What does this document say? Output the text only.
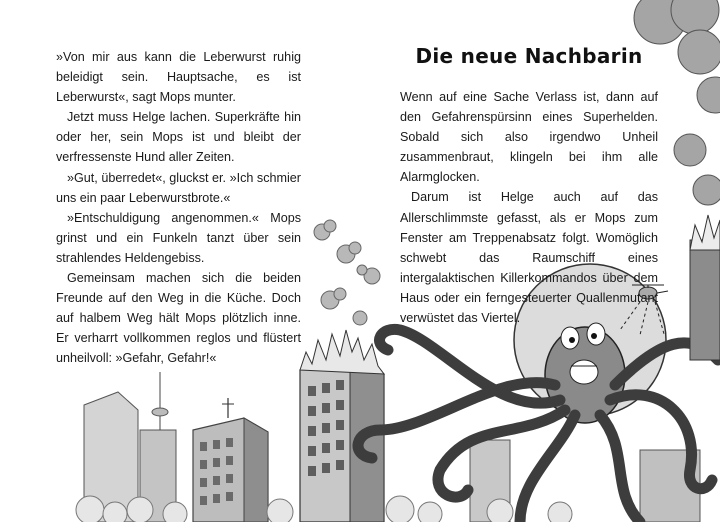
»Von mir aus kann die Leberwurst ruhig beleidigt sein. Hauptsache, es ist Leberwurst«, sagt Mops munter.

Jetzt muss Helge lachen. Superkräfte hin oder her, sein Mops ist und bleibt der verfressenste Hund aller Zeiten.

»Gut, überredet«, gluckst er. »Ich schmier uns ein paar Leberwurstbrote.«

»Entschuldigung angenommen.« Mops grinst und ein Funkeln tanzt über sein strahlendes Heldengebiss.

Gemeinsam machen sich die beiden Freunde auf den Weg in die Küche. Doch auf halbem Weg hält Mops plötzlich inne. Er verharrt vollkommen reglos und flüstert unheilvoll: »Gefahr, Gefahr!«

Die neue Nachbarin

Wenn auf eine Sache Verlass ist, dann auf den Gefahrenspürsinn eines Superhelden. Sobald sich also irgendwo Unheil zusammenbraut, klingeln bei ihm alle Alarmglocken.

Darum ist Helge auch auf das Allerschlimmste gefasst, als er Mops zum Fenster am Treppenabsatz folgt. Womöglich schwebt das Raumschiff eines intergalaktischen Killerkommandos über dem Haus oder ein ferngesteuerter Quallenmutant verwüstet das Viertel.
